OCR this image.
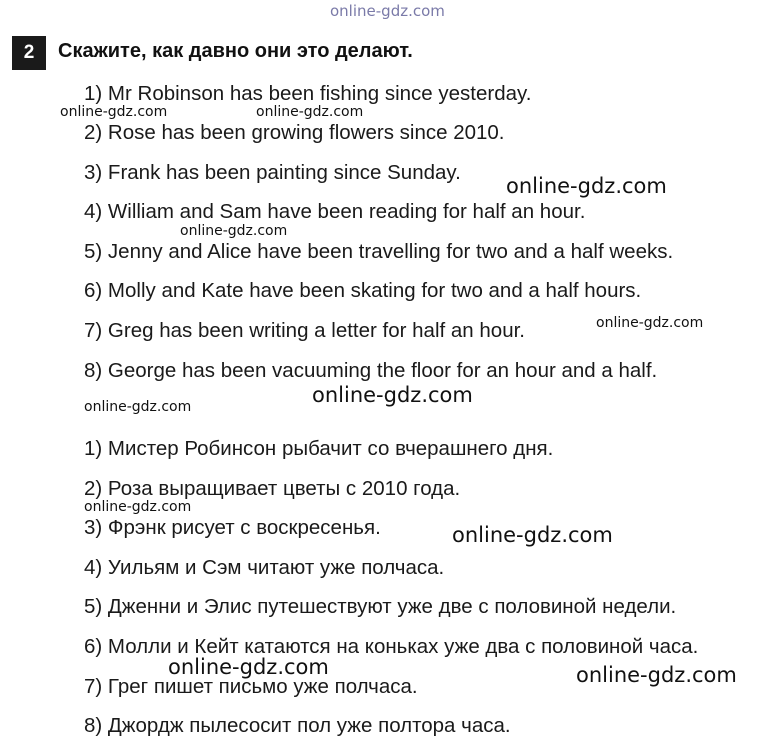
online-gdz.com
2	Скажите, как давно они это делают.
1) Mr Robinson has been fishing since yesterday.
2) Rose has been growing flowers since 2010.
3) Frank has been painting since Sunday.
4) William and Sam have been reading for half an hour.
5) Jenny and Alice have been travelling for two and a half weeks.
6) Molly and Kate have been skating for two and a half hours.
7) Greg has been writing a letter for half an hour.
8) George has been vacuuming the floor for an hour and a half.
1) Мистер Робинсон рыбачит со вчерашнего дня.
2) Роза выращивает цветы с 2010 года.
3) Фрэнк рисует с воскресенья.
4) Уильям и Сэм читают уже полчаса.
5) Дженни и Элис путешествуют уже две с половиной недели.
6) Молли и Кейт катаются на коньках уже два с половиной часа.
7) Грег пишет письмо уже полчаса.
8) Джордж пылесосит пол уже полтора часа.
online-gdz.com	online-gdz.com
online-gdz.com
online-gdz.com
online-gdz.com
online-gdz.com
online-gdz.com
online-gdz.com
online-gdz.com
online-gdz.com	online-gdz.com
